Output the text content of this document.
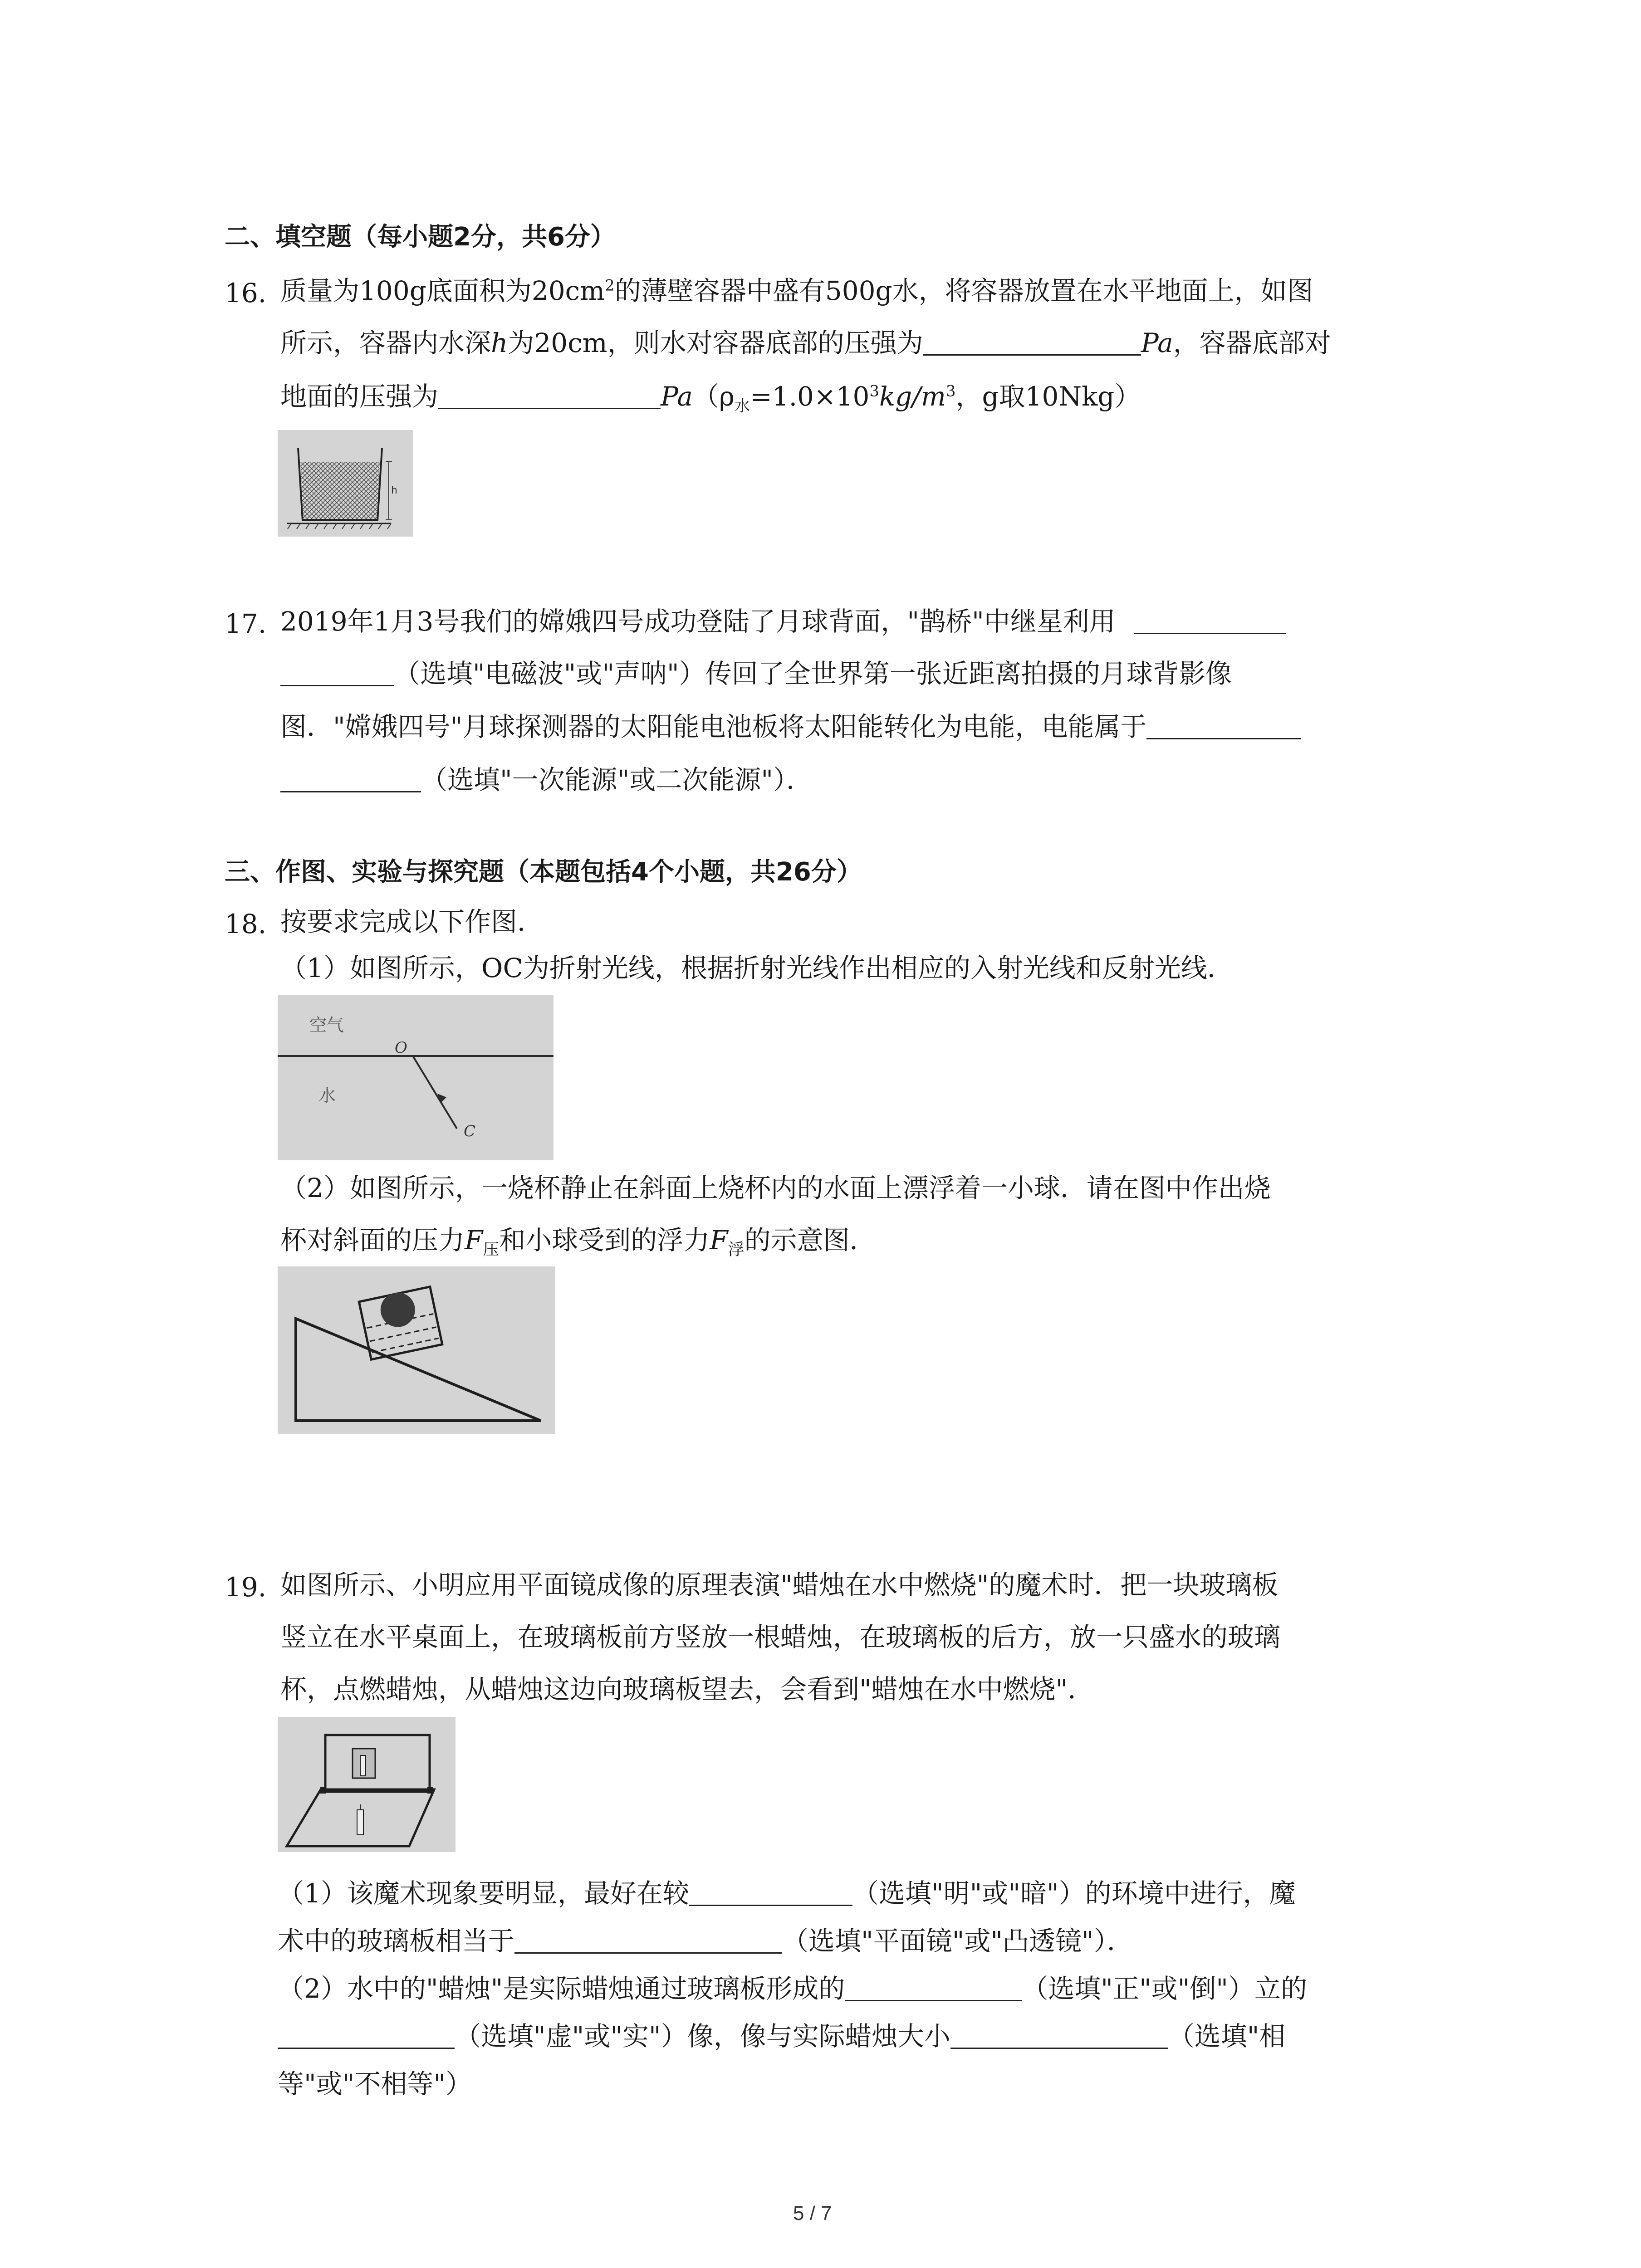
二、填空题（每小题2分，共6分）
16. 质量为100g底面积为$20cm^2$的薄壁容器中盛有500g水，将容器放置在水平地面上，如图
所示，容器内水深h为20cm，则水对容器底部的压强为	Pa，容器底部对
地面的压强为	$Pa(\rho_水=1.0\times 10^3kg/m^3$，g取10Nkg）
h
17. 2019年1月3号我们的嫦娥四号成功登陆了月球背面，"鹊桥"中继星利用
（选填"电磁波"或"声呐"）传回了全世界第一张近距离拍摄的月球背影像
图．"嫦娥四号"月球探测器的太阳能电池板将太阳能转化为电能，电能属于
（选填"一次能源"或二次能源"）．
三、作图、实验与探究题（本题包括4个小题，共26分）
18. 按要求完成以下作图．
（1）如图所示，OC为折射光线，根据折射光线作出相应的入射光线和反射光线．
空气
水
O
C
（2）如图所示，一烧杯静止在斜面上烧杯内的水面上漂浮着一小球．请在图中作出烧
杯对斜面的压力$F_压$和小球受到的浮力$F_浮$的示意图．
19. 如图所示、小明应用平面镜成像的原理表演"蜡烛在水中燃烧"的魔术时．把一块玻璃板
竖立在水平桌面上，在玻璃板前方竖放一根蜡烛，在玻璃板的后方，放一只盛水的玻璃
杯，点燃蜡烛，从蜡烛这边向玻璃板望去，会看到"蜡烛在水中燃烧"．
（1）该魔术现象要明显，最好在较	（选填"明"或"暗"）的环境中进行，魔
术中的玻璃板相当于	（选填"平面镜"或"凸透镜"）．
（2）水中的"蜡烛"是实际蜡烛通过玻璃板形成的	（选填"正"或"倒"）立的
（选填"虚"或"实"）像，像与实际蜡烛大小	（选填"相
等"或"不相等"）
5 / 7
